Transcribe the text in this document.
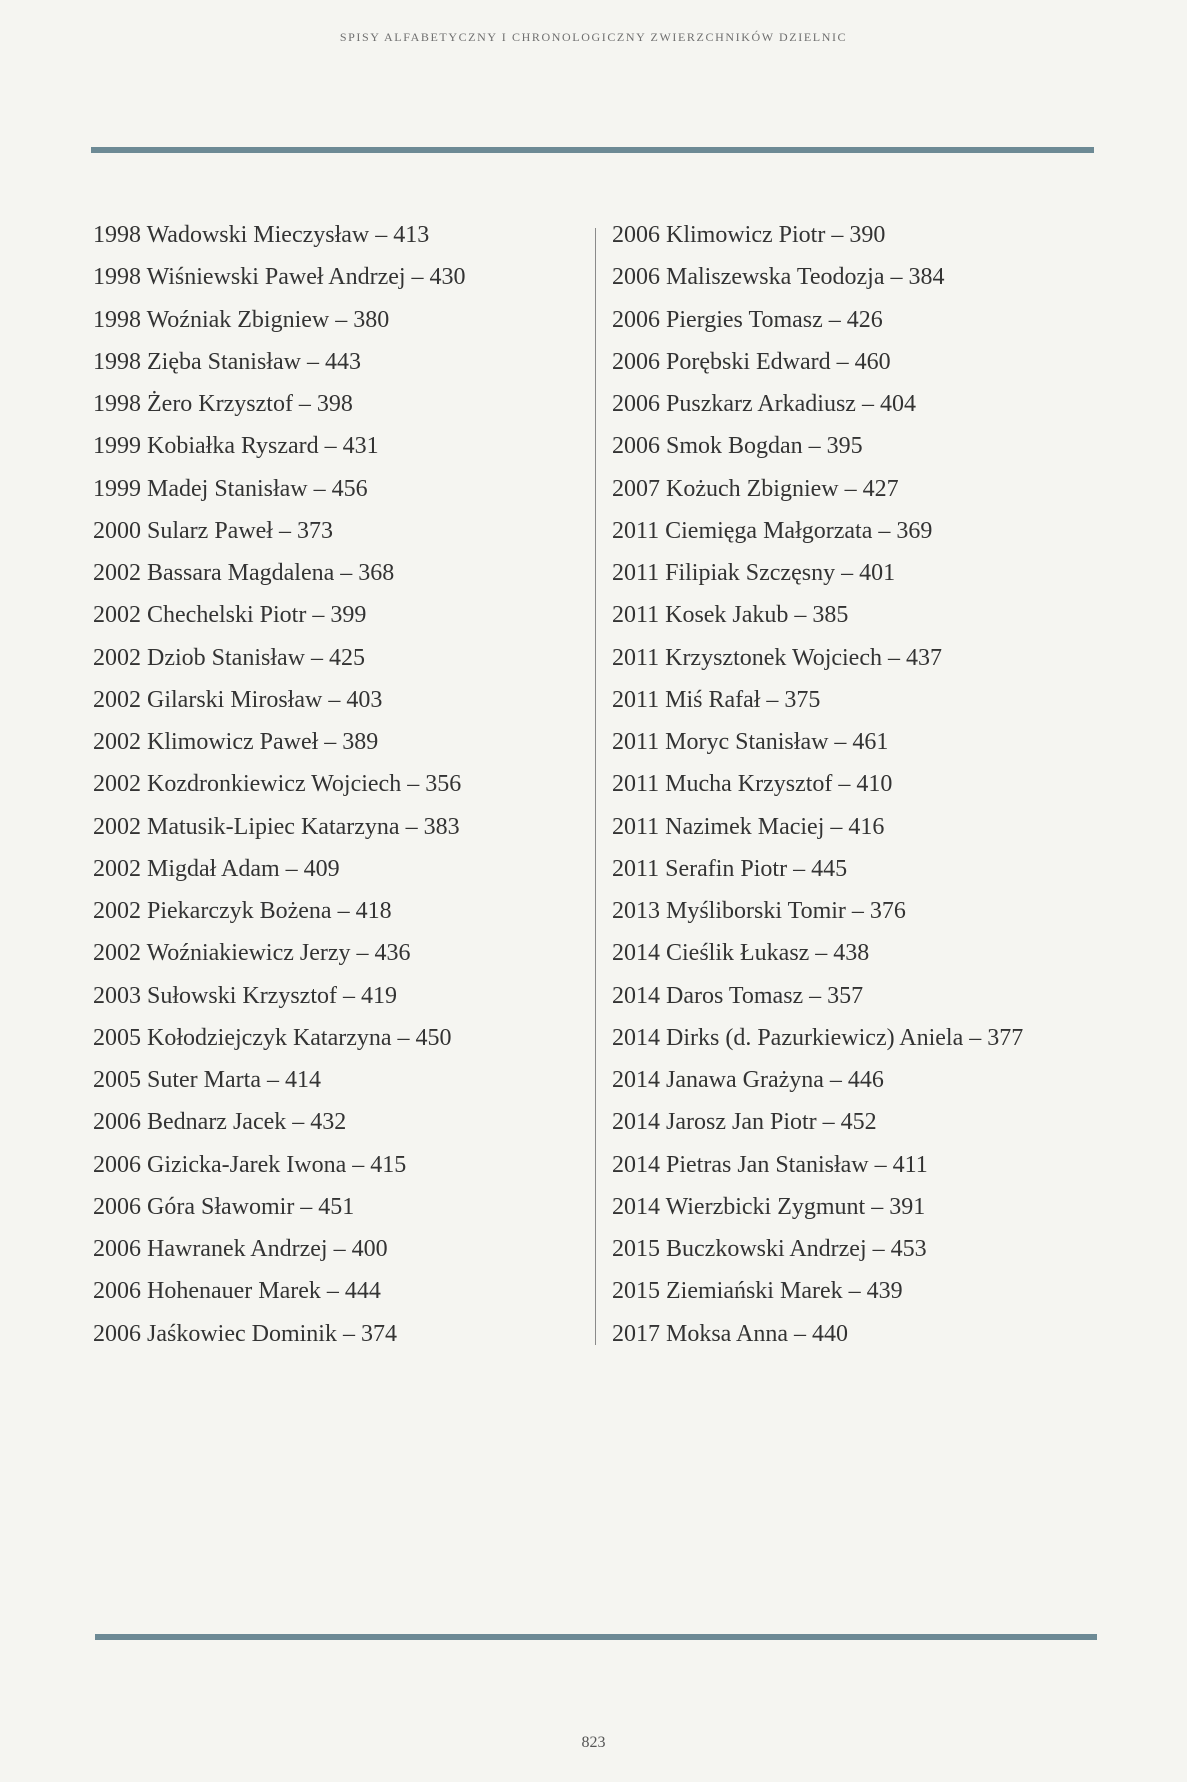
SPISY ALFABETYCZNY I CHRONOLOGICZNY ZWIERZCHNIKÓW DZIELNIC
1998 Wadowski Mieczysław – 413
1998 Wiśniewski Paweł Andrzej – 430
1998 Woźniak Zbigniew – 380
1998 Zięba Stanisław – 443
1998 Żero Krzysztof – 398
1999 Kobiałka Ryszard – 431
1999 Madej Stanisław – 456
2000 Sularz Paweł – 373
2002 Bassara Magdalena – 368
2002 Chechelski Piotr – 399
2002 Dziob Stanisław – 425
2002 Gilarski Mirosław – 403
2002 Klimowicz Paweł – 389
2002 Kozdronkiewicz Wojciech – 356
2002 Matusik-Lipiec Katarzyna – 383
2002 Migdał Adam – 409
2002 Piekarczyk Bożena – 418
2002 Woźniakiewicz Jerzy – 436
2003 Sułowski Krzysztof – 419
2005 Kołodziejczyk Katarzyna – 450
2005 Suter Marta – 414
2006 Bednarz Jacek – 432
2006 Gizicka-Jarek Iwona – 415
2006 Góra Sławomir – 451
2006 Hawranek Andrzej – 400
2006 Hohenauer Marek – 444
2006 Jaśkowiec Dominik – 374
2006 Klimowicz Piotr – 390
2006 Maliszewska Teodozja – 384
2006 Piergies Tomasz – 426
2006 Porębski Edward – 460
2006 Puszkarz Arkadiusz – 404
2006 Smok Bogdan – 395
2007 Kożuch Zbigniew – 427
2011 Ciemięga Małgorzata – 369
2011 Filipiak Szczęsny – 401
2011 Kosek Jakub – 385
2011 Krzysztonek Wojciech – 437
2011 Miś Rafał – 375
2011 Moryc Stanisław – 461
2011 Mucha Krzysztof – 410
2011 Nazimek Maciej – 416
2011 Serafin Piotr – 445
2013 Myśliborski Tomir – 376
2014 Cieślik Łukasz – 438
2014 Daros Tomasz – 357
2014 Dirks (d. Pazurkiewicz) Aniela – 377
2014 Janawa Grażyna – 446
2014 Jarosz Jan Piotr – 452
2014 Pietras Jan Stanisław – 411
2014 Wierzbicki Zygmunt – 391
2015 Buczkowski Andrzej – 453
2015 Ziemiański Marek – 439
2017 Moksa Anna – 440
823
